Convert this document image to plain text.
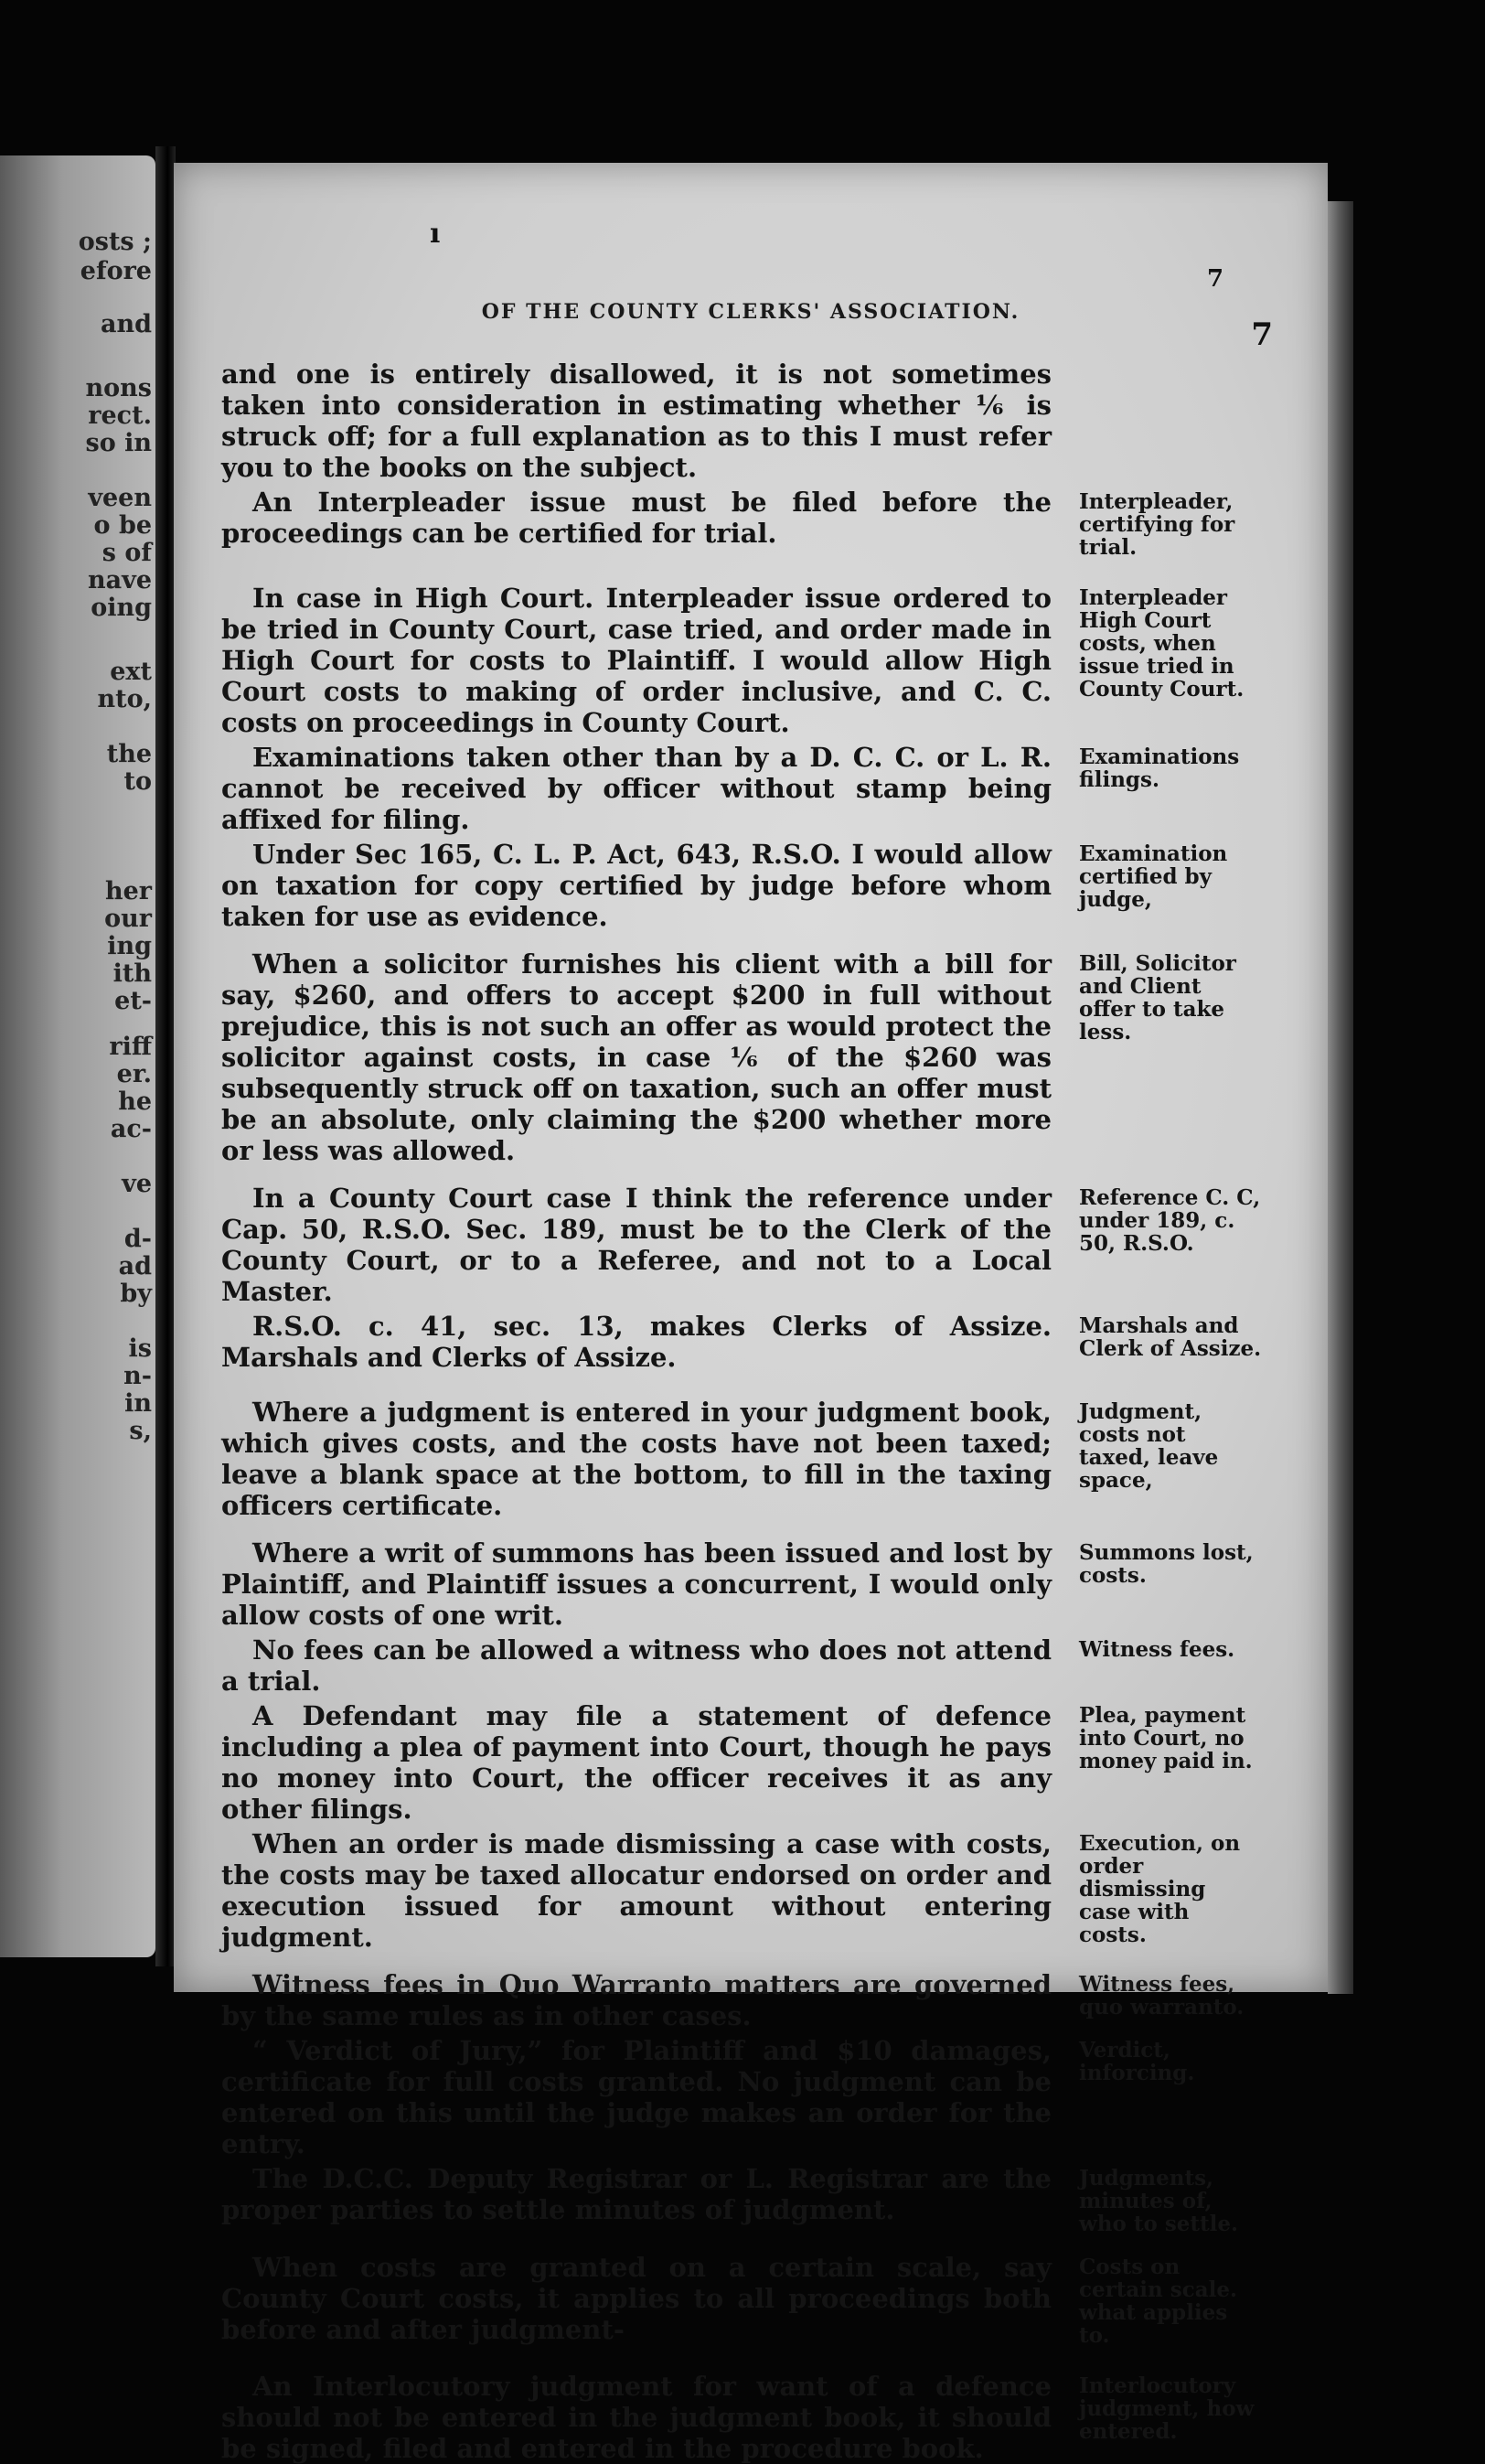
osts ;
efore
and
nons
rect.
so in
veen
o be
s of
nave
oing
ext
nto,
the
to
her
our
ing
ith
et-
riff
er.
he
ac-
ve
d-
ad
by
is
n-
in
s,
ı
7
OF THE COUNTY CLERKS' ASSOCIATION.
7

and one is entirely disallowed, it is not sometimes taken into consideration in estimating whether ⅙ is struck off; for a full explanation as to this I must refer you to the books on the subject.

An Interpleader issue must be filed before the proceedings can be certified for trial.

Interpleader, certifying for trial.

In case in High Court. Interpleader issue ordered to be tried in County Court, case tried, and order made in High Court for costs to Plaintiff. I would allow High Court costs to making of order inclusive, and C. C. costs on proceedings in County Court.

Interpleader High Court costs, when issue tried in County Court.

Examinations taken other than by a D. C. C. or L. R. cannot be received by officer without stamp being affixed for filing.

Examinations filings.

Under Sec 165, C. L. P. Act, 643, R.S.O. I would allow on taxation for copy certified by judge before whom taken for use as evidence.

Examination certified by judge,

When a solicitor furnishes his client with a bill for say, $260, and offers to accept $200 in full without prejudice, this is not such an offer as would protect the solicitor against costs, in case ⅙ of the $260 was subsequently struck off on taxation, such an offer must be an absolute, only claiming the $200 whether more or less was allowed.

Bill, Solicitor and Client offer to take less.

In a County Court case I think the reference under Cap. 50, R.S.O. Sec. 189, must be to the Clerk of the County Court, or to a Referee, and not to a Local Master.

Reference C. C, under 189, c. 50, R.S.O.

R.S.O. c. 41, sec. 13, makes Clerks of Assize. Marshals and Clerks of Assize.

Marshals and Clerk of Assize.

Where a judgment is entered in your judgment book, which gives costs, and the costs have not been taxed; leave a blank space at the bottom, to fill in the taxing officers certificate.

Judgment, costs not taxed, leave space,

Where a writ of summons has been issued and lost by Plaintiff, and Plaintiff issues a concurrent, I would only allow costs of one writ.

Summons lost, costs.

No fees can be allowed a witness who does not attend a trial.

Witness fees.

A Defendant may file a statement of defence including a plea of payment into Court, though he pays no money into Court, the officer receives it as any other filings.

Plea, payment into Court, no money paid in.

When an order is made dismissing a case with costs, the costs may be taxed allocatur endorsed on order and execution issued for amount without entering judgment.

Execution, on order dismissing case with costs.

Witness fees in Quo Warranto matters are governed by the same rules as in other cases.

Witness fees, quo warranto.

“ Verdict of Jury,” for Plaintiff and $10 damages, certificate for full costs granted. No judgment can be entered on this until the judge makes an order for the entry.

Verdict, inforcing.

The D.C.C. Deputy Registrar or L. Registrar are the proper parties to settle minutes of judgment.

Judgments, minutes of, who to settle.

When costs are granted on a certain scale, say County Court costs, it applies to all proceedings both before and after judgment-

Costs on certain scale. what applies to.

An Interlocutory judgment for want of a defence should not be entered in the judgment book, it should be signed, filed and entered in the procedure book.

Interlocutory judgment, how entered.
